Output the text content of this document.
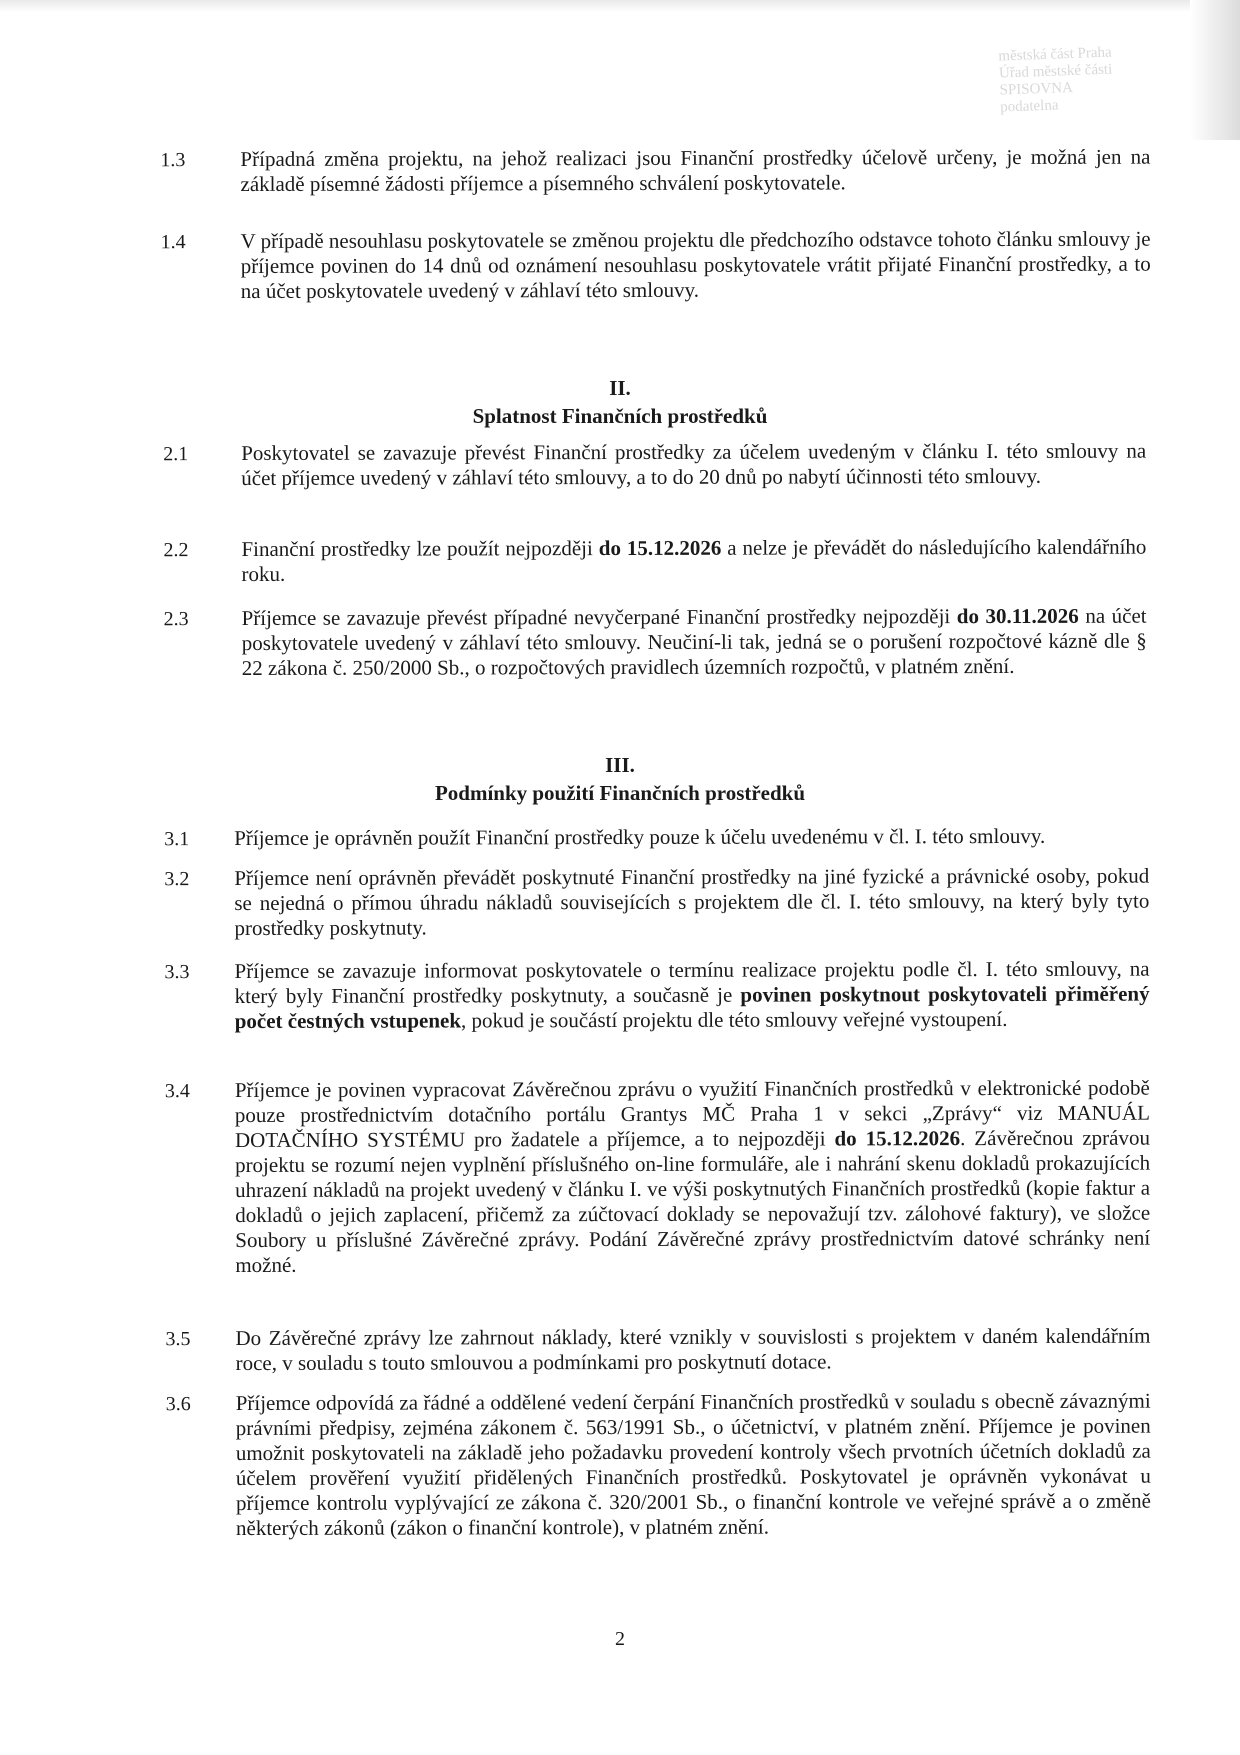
městská část Praha
Úřad městské části
SPISOVNA
podatelna
1.3	Případná změna projektu, na jehož realizaci jsou Finanční prostředky účelově určeny, je možná jen na základě písemné žádosti příjemce a písemného schválení poskytovatele.
1.4	V případě nesouhlasu poskytovatele se změnou projektu dle předchozího odstavce tohoto článku smlouvy je příjemce povinen do 14 dnů od oznámení nesouhlasu poskytovatele vrátit přijaté Finanční prostředky, a to na účet poskytovatele uvedený v záhlaví této smlouvy.
II.
Splatnost Finančních prostředků
2.1	Poskytovatel se zavazuje převést Finanční prostředky za účelem uvedeným v článku I. této smlouvy na účet příjemce uvedený v záhlaví této smlouvy, a to do 20 dnů po nabytí účinnosti této smlouvy.
2.2	Finanční prostředky lze použít nejpozději do 15.12.2026 a nelze je převádět do následujícího kalendářního roku.
2.3	Příjemce se zavazuje převést případné nevyčerpané Finanční prostředky nejpozději do 30.11.2026 na účet poskytovatele uvedený v záhlaví této smlouvy. Neučiní-li tak, jedná se o porušení rozpočtové kázně dle § 22 zákona č. 250/2000 Sb., o rozpočtových pravidlech územních rozpočtů, v platném znění.
III.
Podmínky použití Finančních prostředků
3.1	Příjemce je oprávněn použít Finanční prostředky pouze k účelu uvedenému v čl. I. této smlouvy.
3.2	Příjemce není oprávněn převádět poskytnuté Finanční prostředky na jiné fyzické a právnické osoby, pokud se nejedná o přímou úhradu nákladů souvisejících s projektem dle čl. I. této smlouvy, na který byly tyto prostředky poskytnuty.
3.3	Příjemce se zavazuje informovat poskytovatele o termínu realizace projektu podle čl. I. této smlouvy, na který byly Finanční prostředky poskytnuty, a současně je povinen poskytnout poskytovateli přiměřený počet čestných vstupenek, pokud je součástí projektu dle této smlouvy veřejné vystoupení.
3.4	Příjemce je povinen vypracovat Závěrečnou zprávu o využití Finančních prostředků v elektronické podobě pouze prostřednictvím dotačního portálu Grantys MČ Praha 1 v sekci „Zprávy“ viz MANUÁL DOTAČNÍHO SYSTÉMU pro žadatele a příjemce, a to nejpozději do 15.12.2026. Závěrečnou zprávou projektu se rozumí nejen vyplnění příslušného on-line formuláře, ale i nahrání skenu dokladů prokazujících uhrazení nákladů na projekt uvedený v článku I. ve výši poskytnutých Finančních prostředků (kopie faktur a dokladů o jejich zaplacení, přičemž za zúčtovací doklady se nepovažují tzv. zálohové faktury), ve složce Soubory u příslušné Závěrečné zprávy. Podání Závěrečné zprávy prostřednictvím datové schránky není možné.
3.5	Do Závěrečné zprávy lze zahrnout náklady, které vznikly v souvislosti s projektem v daném kalendářním roce, v souladu s touto smlouvou a podmínkami pro poskytnutí dotace.
3.6	Příjemce odpovídá za řádné a oddělené vedení čerpání Finančních prostředků v souladu s obecně závaznými právními předpisy, zejména zákonem č. 563/1991 Sb., o účetnictví, v platném znění. Příjemce je povinen umožnit poskytovateli na základě jeho požadavku provedení kontroly všech prvotních účetních dokladů za účelem prověření využití přidělených Finančních prostředků. Poskytovatel je oprávněn vykonávat u příjemce kontrolu vyplývající ze zákona č. 320/2001 Sb., o finanční kontrole ve veřejné správě a o změně některých zákonů (zákon o finanční kontrole), v platném znění.
2
